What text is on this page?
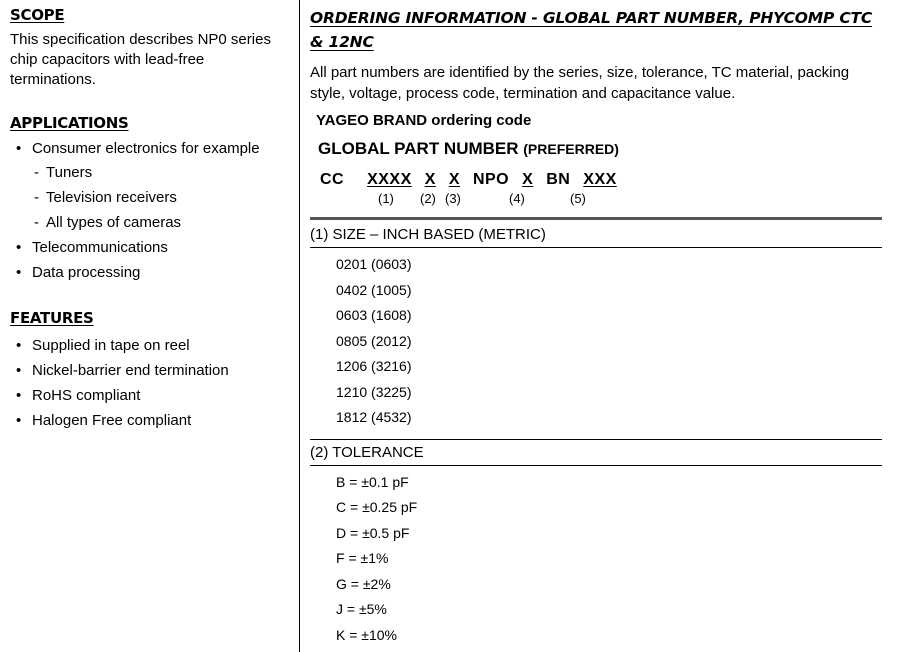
SCOPE

This specification describes NP0 series chip capacitors with lead-free terminations.

APPLICATIONS
• Consumer electronics for example
- Tuners
- Television receivers
- All types of cameras
• Telecommunications
• Data processing
FEATURES
• Supplied in tape on reel
• Nickel-barrier end termination
• RoHS compliant
• Halogen Free compliant
ORDERING INFORMATION - GLOBAL PART NUMBER, PHYCOMP CTC & 12NC

All part numbers are identified by the series, size, tolerance, TC material, packing style, voltage, process code, termination and capacitance value.

YAGEO BRAND ordering code
GLOBAL PART NUMBER (PREFERRED)
CC XXXX X X NPO X BN XXX
(1) (2) (3)	(4)	(5)
(1) SIZE – INCH BASED (METRIC)
0201 (0603)
0402 (1005)
0603 (1608)
0805 (2012)
1206 (3216)
1210 (3225)
1812 (4532)
(2) TOLERANCE
B = ±0.1 pF
C = ±0.25 pF
D = ±0.5 pF
F = ±1%
G = ±2%
J = ±5%
K = ±10%
